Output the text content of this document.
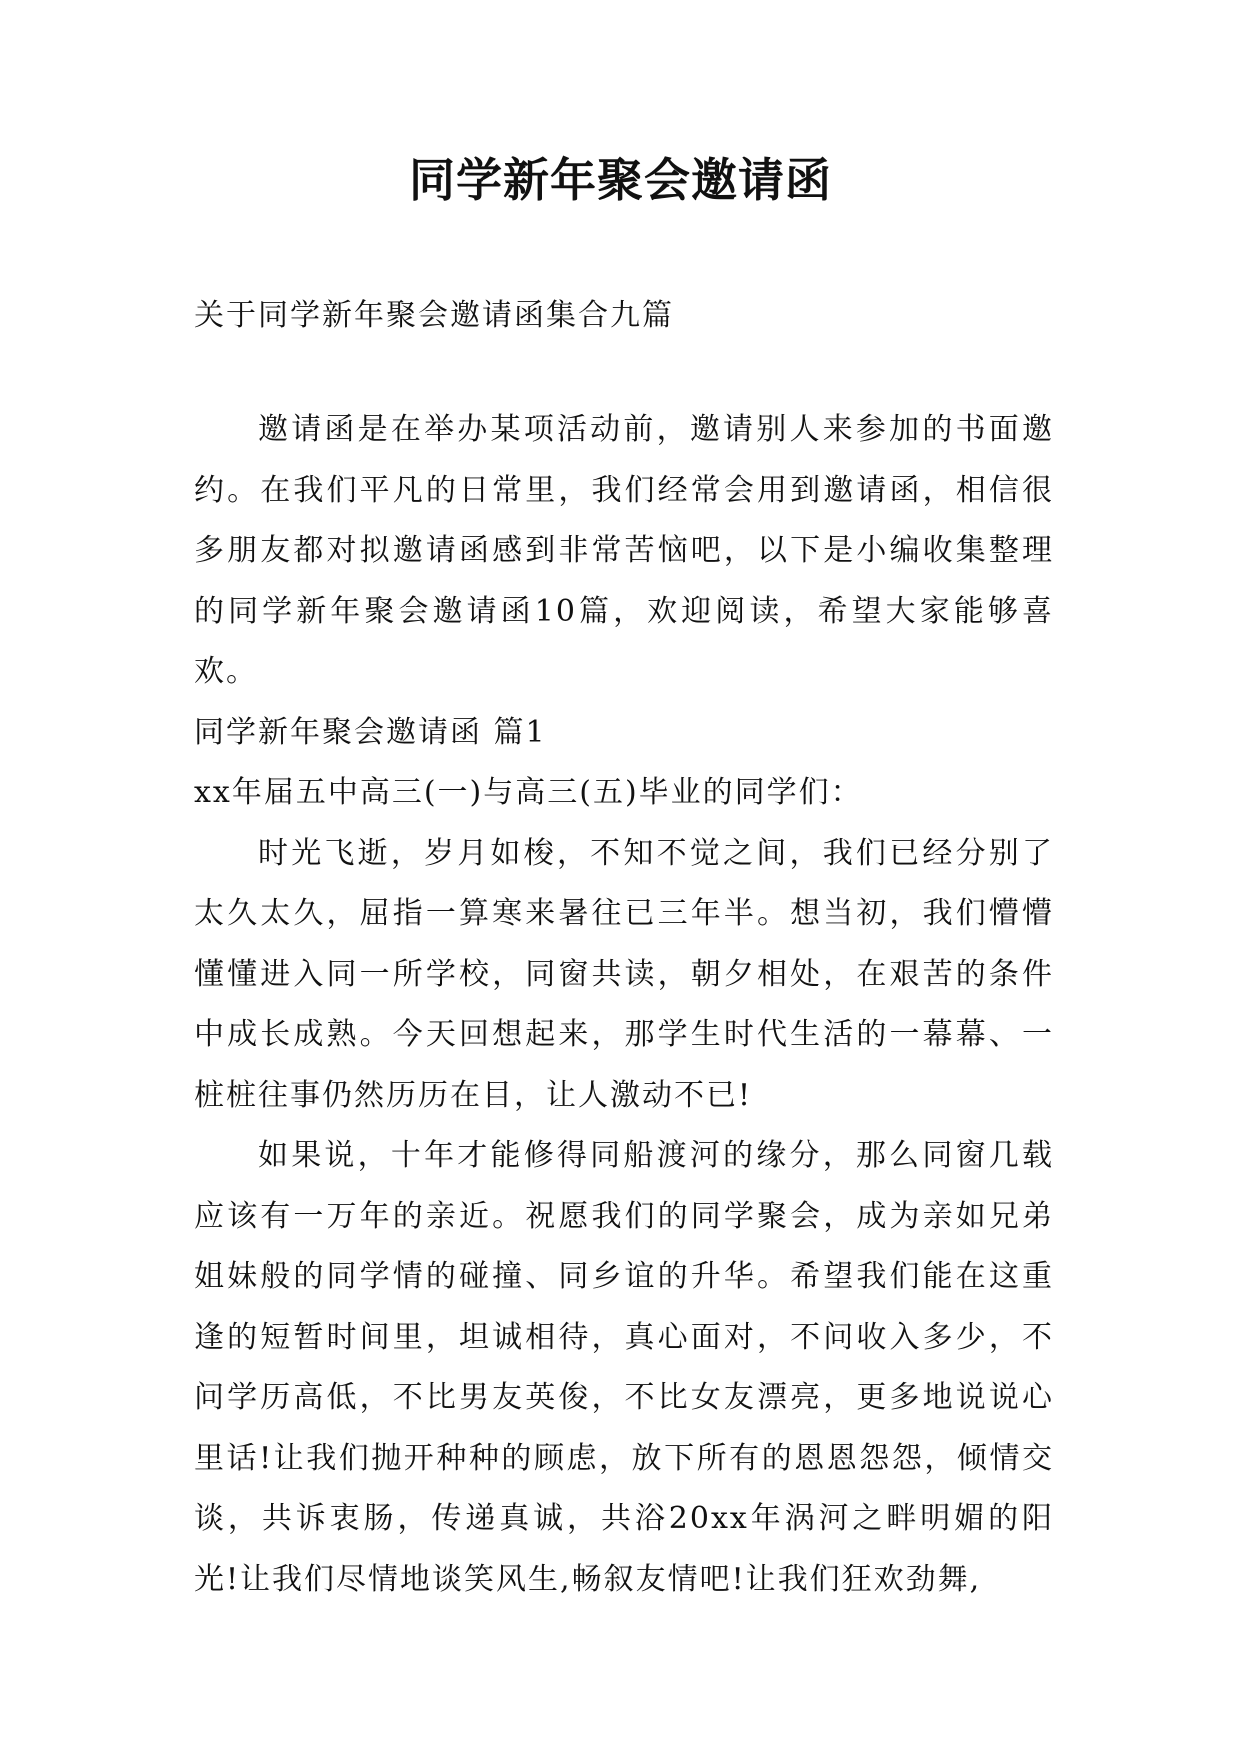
同学新年聚会邀请函

关于同学新年聚会邀请函集合九篇

邀请函是在举办某项活动前，邀请别人来参加的书面邀约。在我们平凡的日常里，我们经常会用到邀请函，相信很多朋友都对拟邀请函感到非常苦恼吧，以下是小编收集整理的同学新年聚会邀请函10篇，欢迎阅读，希望大家能够喜欢。

同学新年聚会邀请函 篇1

xx年届五中高三(一)与高三(五)毕业的同学们：

时光飞逝，岁月如梭，不知不觉之间，我们已经分别了太久太久，屈指一算寒来暑往已三年半。想当初，我们懵懵懂懂进入同一所学校，同窗共读，朝夕相处，在艰苦的条件中成长成熟。今天回想起来，那学生时代生活的一幕幕、一桩桩往事仍然历历在目，让人激动不已!

如果说，十年才能修得同船渡河的缘分，那么同窗几载应该有一万年的亲近。祝愿我们的同学聚会，成为亲如兄弟姐妹般的同学情的碰撞、同乡谊的升华。希望我们能在这重逢的短暂时间里，坦诚相待，真心面对，不问收入多少，不问学历高低，不比男友英俊，不比女友漂亮，更多地说说心里话!让我们抛开种种的顾虑，放下所有的恩恩怨怨，倾情交谈，共诉衷肠，传递真诚，共浴20xx年涡河之畔明媚的阳光!让我们尽情地谈笑风生,畅叙友情吧!让我们狂欢劲舞,
